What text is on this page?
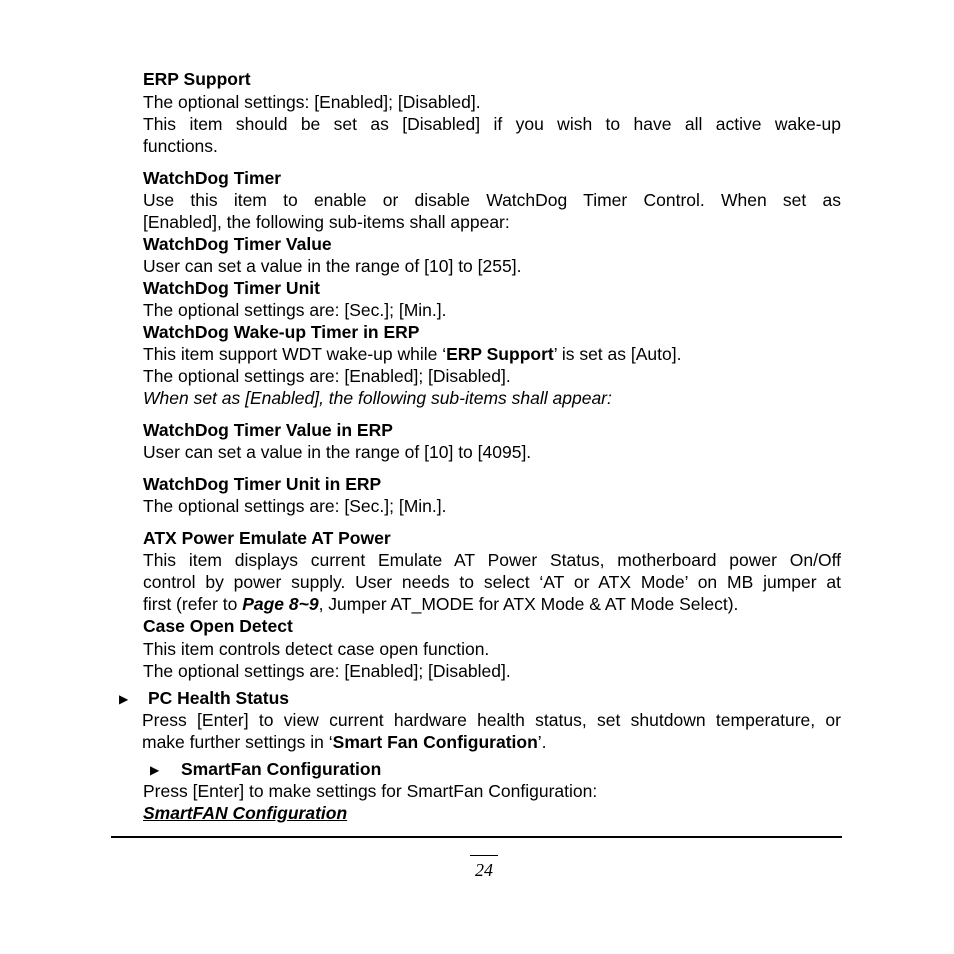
ERP Support
The optional settings: [Enabled]; [Disabled].
This item should be set as [Disabled] if you wish to have all active wake-up
functions.
WatchDog Timer
Use this item to enable or disable WatchDog Timer Control. When set as
[Enabled], the following sub-items shall appear:
WatchDog Timer Value
User can set a value in the range of [10] to [255].
WatchDog Timer Unit
The optional settings are: [Sec.]; [Min.].
WatchDog Wake-up Timer in ERP
This item support WDT wake-up while ‘ERP Support’ is set as [Auto].
The optional settings are: [Enabled]; [Disabled].
When set as [Enabled], the following sub-items shall appear:
WatchDog Timer Value in ERP
User can set a value in the range of [10] to [4095].
WatchDog Timer Unit in ERP
The optional settings are: [Sec.]; [Min.].
ATX Power Emulate AT Power
This item displays current Emulate AT Power Status, motherboard power On/Off
control by power supply. User needs to select ‘AT or ATX Mode’ on MB jumper at
first (refer to Page 8~9, Jumper AT_MODE for ATX Mode & AT Mode Select).
Case Open Detect
This item controls detect case open function.
The optional settings are: [Enabled]; [Disabled].
▶ PC Health Status
Press [Enter] to view current hardware health status, set shutdown temperature, or
make further settings in ‘Smart Fan Configuration’.
▶ SmartFan Configuration
Press [Enter] to make settings for SmartFan Configuration:
SmartFAN Configuration
24
